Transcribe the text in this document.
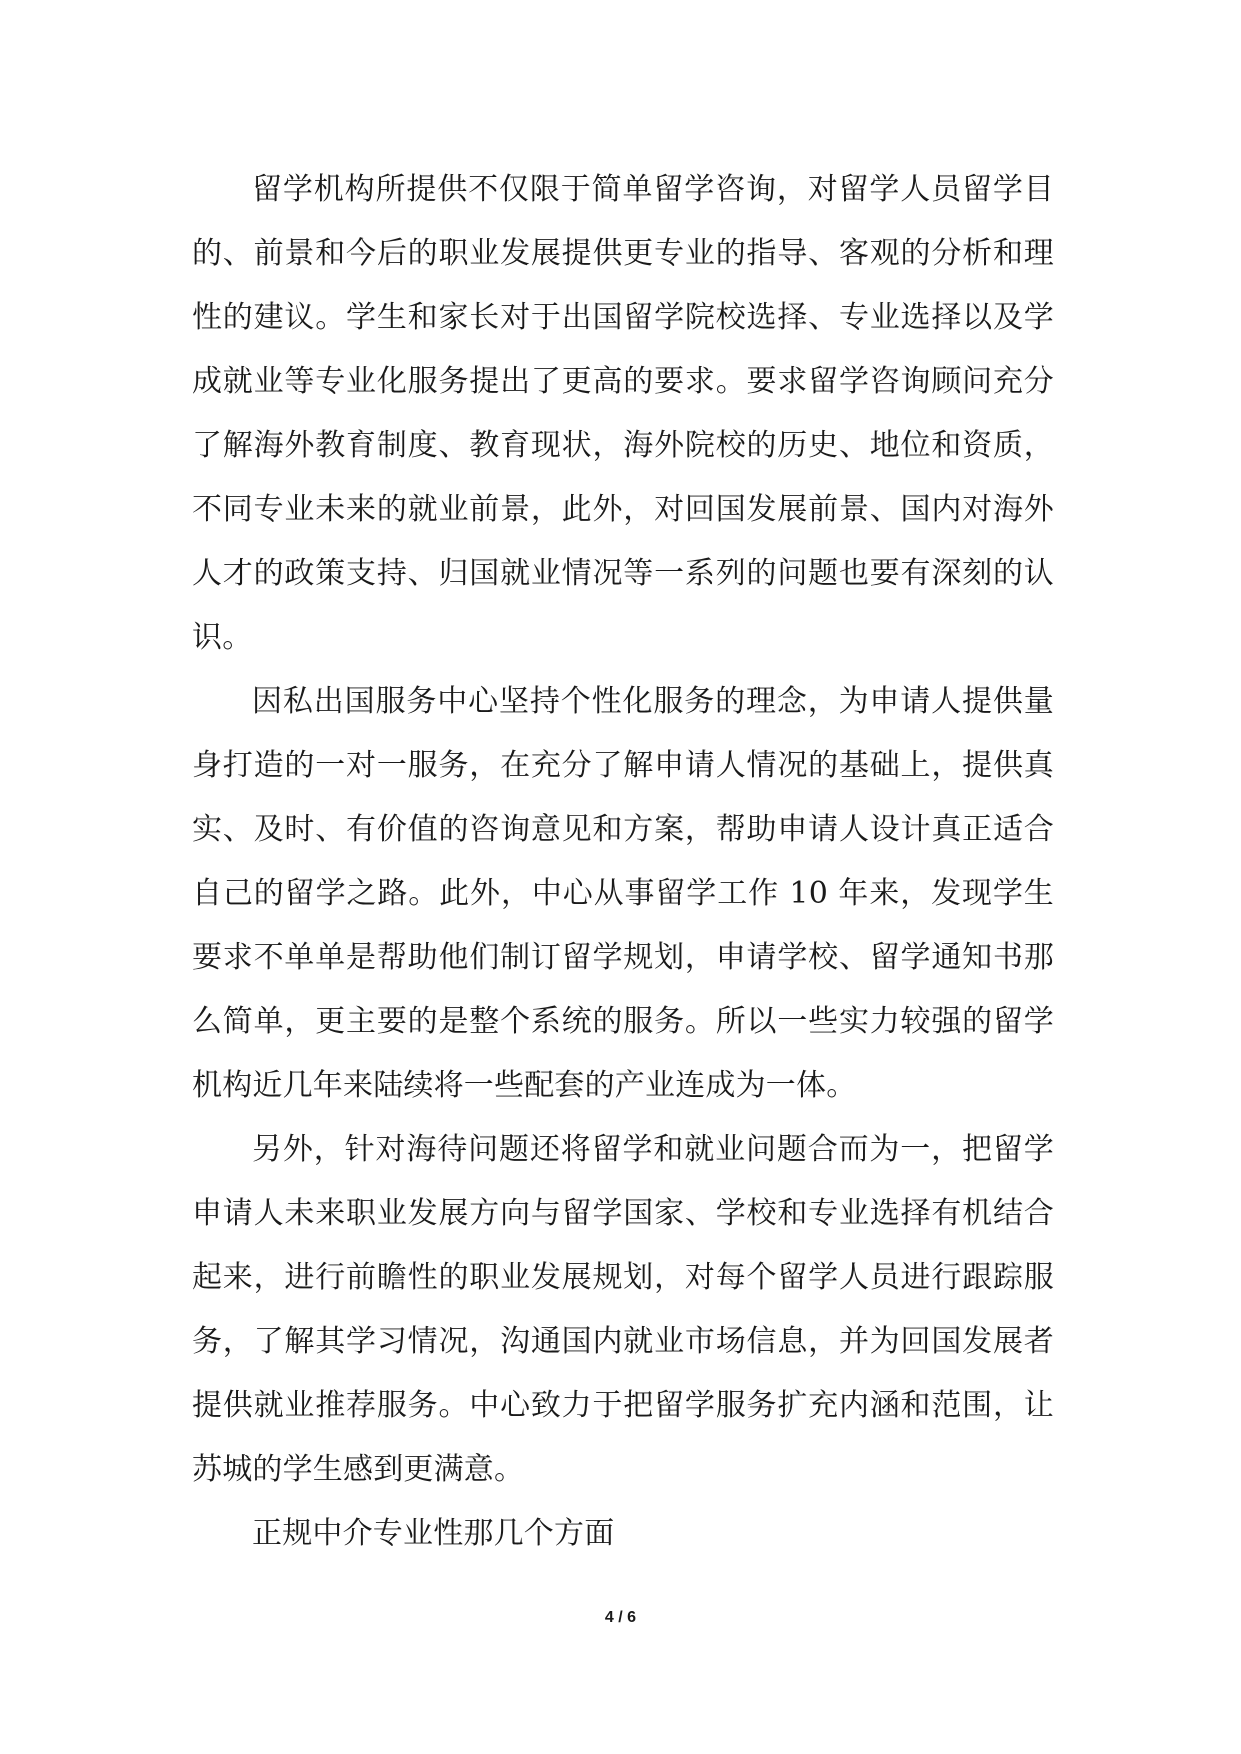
留学机构所提供不仅限于简单留学咨询，对留学人员留学目的、前景和今后的职业发展提供更专业的指导、客观的分析和理性的建议。学生和家长对于出国留学院校选择、专业选择以及学成就业等专业化服务提出了更高的要求。要求留学咨询顾问充分了解海外教育制度、教育现状，海外院校的历史、地位和资质，不同专业未来的就业前景，此外，对回国发展前景、国内对海外人才的政策支持、归国就业情况等一系列的问题也要有深刻的认识。

因私出国服务中心坚持个性化服务的理念，为申请人提供量身打造的一对一服务，在充分了解申请人情况的基础上，提供真实、及时、有价值的咨询意见和方案，帮助申请人设计真正适合自己的留学之路。此外，中心从事留学工作 10 年来，发现学生要求不单单是帮助他们制订留学规划，申请学校、留学通知书那么简单，更主要的是整个系统的服务。所以一些实力较强的留学机构近几年来陆续将一些配套的产业连成为一体。

另外，针对海待问题还将留学和就业问题合而为一，把留学申请人未来职业发展方向与留学国家、学校和专业选择有机结合起来，进行前瞻性的职业发展规划，对每个留学人员进行跟踪服务，了解其学习情况，沟通国内就业市场信息，并为回国发展者提供就业推荐服务。中心致力于把留学服务扩充内涵和范围，让苏城的学生感到更满意。

正规中介专业性那几个方面

4 / 6
